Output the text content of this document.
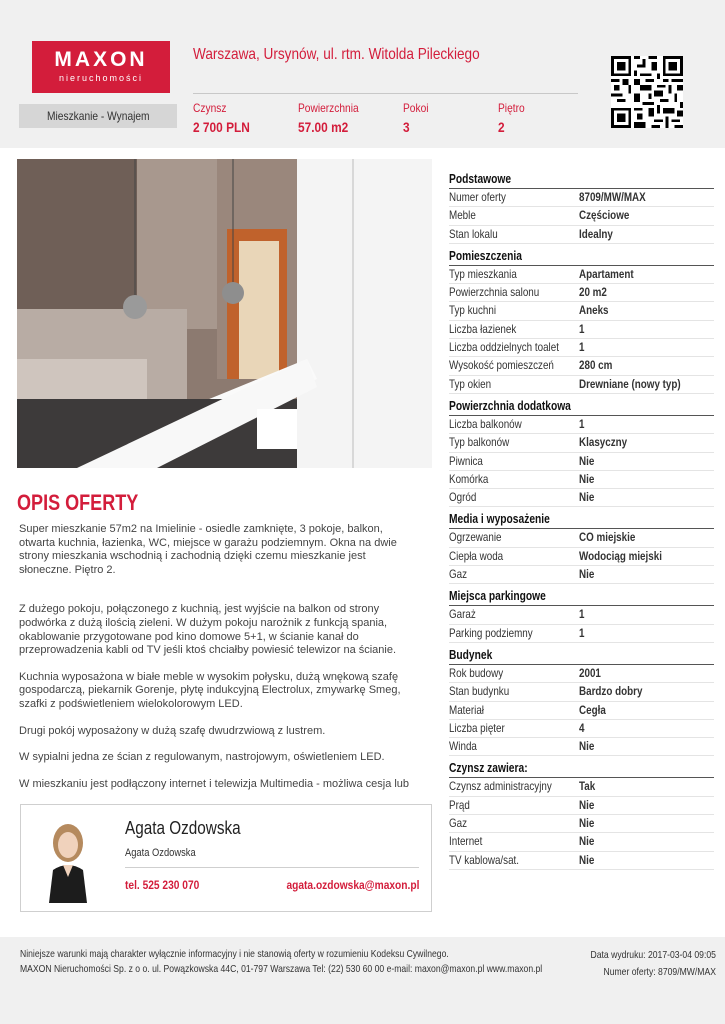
MAXON
nieruchomości
Warszawa, Ursynów, ul. rtm. Witolda Pileckiego
Mieszkanie - Wynajem
Czynsz
2 700 PLN
Powierzchnia
57.00 m2
Pokoi
3
Piętro
2
OPIS OFERTY

Super mieszkanie 57m2 na Imielinie - osiedle zamknięte, 3 pokoje, balkon, otwarta kuchnia, łazienka, WC, miejsce w garażu podziemnym. Okna na dwie strony mieszkania wschodnią i zachodnią dzięki czemu mieszkanie jest słoneczne. Piętro 2.

Z dużego pokoju, połączonego z kuchnią, jest wyjście na balkon od strony podwórka z dużą ilością zieleni. W dużym pokoju narożnik z funkcją spania, okablowanie przygotowane pod kino domowe 5+1, w ścianie kanał do przeprowadzenia kabli od TV jeśli ktoś chciałby powiesić telewizor na ścianie.

Kuchnia wyposażona w białe meble w wysokim połysku, dużą wnękową szafę gospodarczą, piekarnik Gorenje, płytę indukcyjną Electrolux, zmywarkę Smeg, szafki z podświetleniem wielokolorowym LED.

Drugi pokój wyposażony w dużą szafę dwudrzwiową z lustrem.

W sypialni jedna ze ścian z regulowanym, nastrojowym, oświetleniem LED.

W mieszkaniu jest podłączony internet i telewizja Multimedia - możliwa cesja lub

Agata Ozdowska
Agata Ozdowska
tel. 525 230 070	agata.ozdowska@maxon.pl
Podstawowe
Numer oferty	8709/MW/MAX
Meble	Częściowe
Stan lokalu	Idealny
Pomieszczenia
Typ mieszkania	Apartament
Powierzchnia salonu	20 m2
Typ kuchni	Aneks
Liczba łazienek	1
Liczba oddzielnych toalet 1
Wysokość pomieszczeń 280 cm
Typ okien	Drewniane (nowy typ)
Powierzchnia dodatkowa
Liczba balkonów	1
Typ balkonów	Klasyczny
Piwnica	Nie
Komórka	Nie
Ogród	Nie
Media i wyposażenie
Ogrzewanie	CO miejskie
Ciepła woda	Wodociąg miejski
Gaz	Nie
Miejsca parkingowe
Garaż	1
Parking podziemny	1
Budynek
Rok budowy	2001
Stan budynku	Bardzo dobry
Materiał	Cegła
Liczba pięter	4
Winda	Nie
Czynsz zawiera:
Czynsz administracyjny Tak
Prąd	Nie
Gaz	Nie
Internet	Nie
TV kablowa/sat.	Nie
Niniejsze warunki mają charakter wyłącznie informacyjny i nie stanowią oferty w rozumieniu Kodeksu Cywilnego.
MAXON Nieruchomości Sp. z o o. ul. Powązkowska 44C, 01-797 Warszawa Tel: (22) 530 60 00 e-mail: maxon@maxon.pl www.maxon.pl
Data wydruku: 2017-03-04 09:05
Numer oferty: 8709/MW/MAX
